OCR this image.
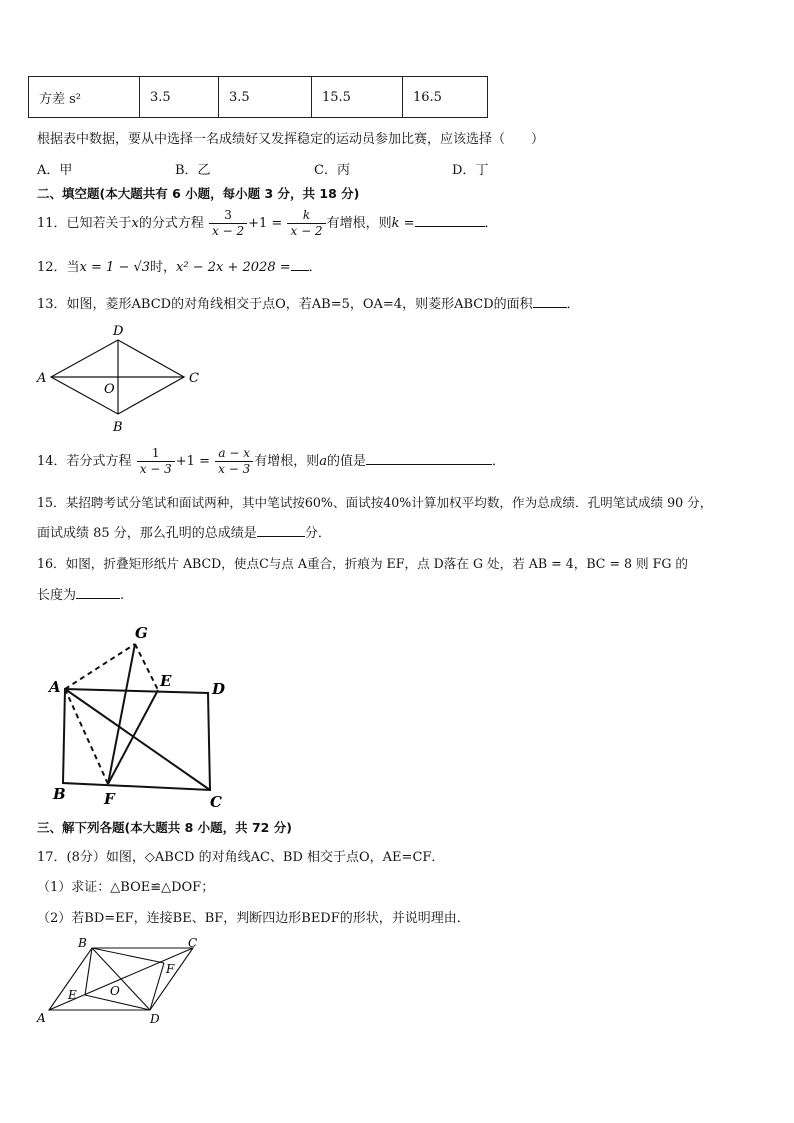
方差 s²	3.5	3.5	15.5	16.5
根据表中数据，要从中选择一名成绩好又发挥稳定的运动员参加比赛，应该选择（　　）
A．甲	B．乙	C．丙	D．丁
二、填空题(本大题共有 6 小题，每小题 3 分，共 18 分)
11．已知若关于x的分式方程 $\frac{3}{x - 2} +1 = \frac{k}{x - 2}$ 有增根，则k =	．
12．当x = 1 − √3时，x² − 2x + 2028 = ．
13．如图，菱形ABCD的对角线相交于点O，若AB=5，OA=4，则菱形ABCD的面积	．
D
A
O
C
B
14．若分式方程 $\frac{1}{x - 3} +1 = \frac{a - x}{x - 3}$ 有增根，则a的值是	．
15．某招聘考试分笔试和面试两种，其中笔试按60%、面试按40%计算加权平均数，作为总成绩．孔明笔试成绩 90 分，
面试成绩 85 分，那么孔明的总成绩是	分．
16．如图，折叠矩形纸片 ABCD，使点C与点 A重合，折痕为 EF，点 D落在 G 处，若 AB = 4，BC = 8 则 FG 的
长度为	.
G
A	E	D
B	F	C
三、解下列各题(本大题共 8 小题，共 72 分)
17．(8分）如图，◇ABCD 的对角线AC、BD 相交于点O，AE=CF．
（1）求证：△BOE≌△DOF；
（2）若BD=EF，连接BE、BF，判断四边形BEDF的形状，并说明理由．
B	C
F
E	O
A	D
